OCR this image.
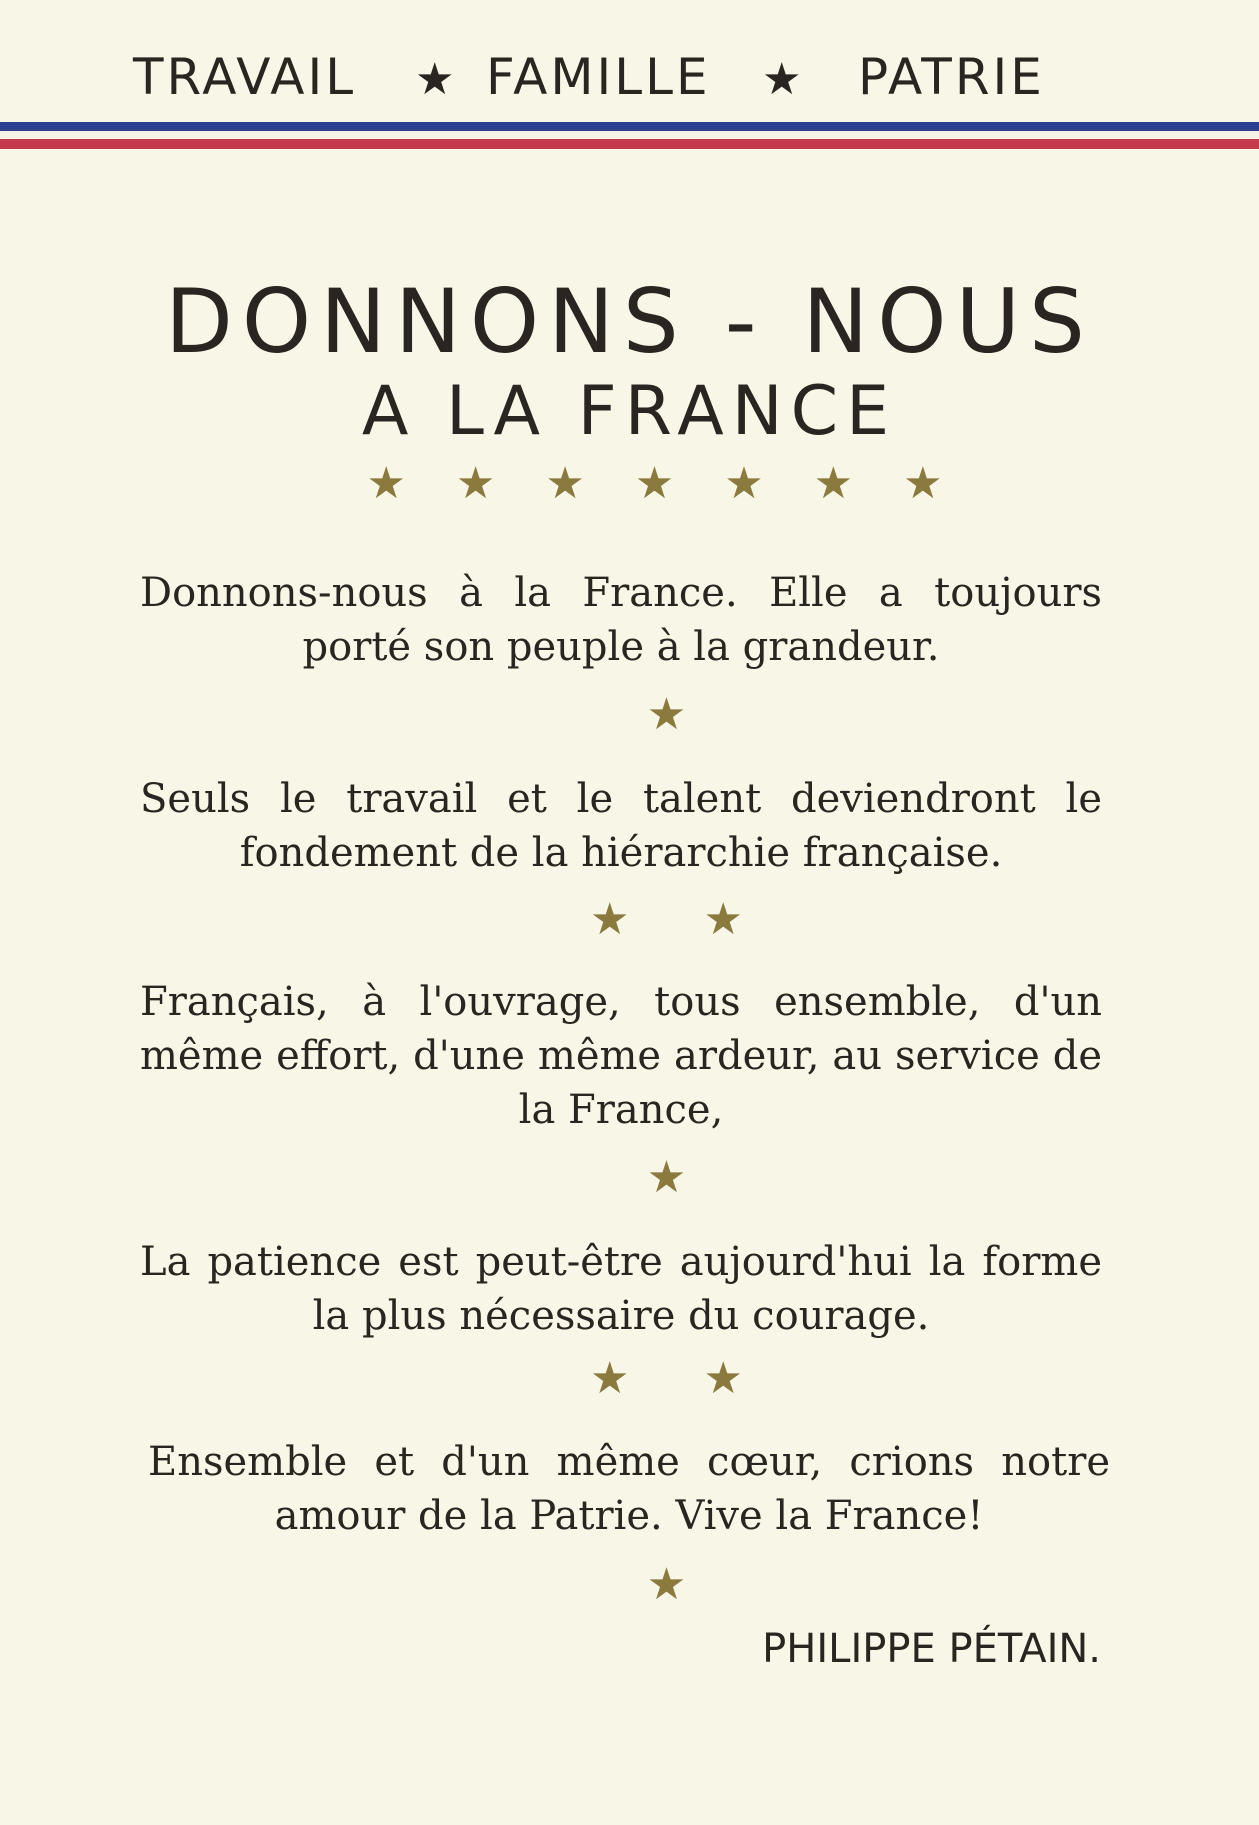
TRAVAIL ★ FAMILLE ★ PATRIE
DONNONS - NOUS
A LA FRANCE
★★★★★★★
Donnons-nous à la France. Elle a toujours porté son peuple à la grandeur.
★
Seuls le travail et le talent deviendront le fondement de la hiérarchie française.
★★
Français, à l'ouvrage, tous ensemble, d'un même effort, d'une même ardeur, au service de la France,
★
La patience est peut-être aujourd'hui la forme la plus nécessaire du courage.
★★
Ensemble et d'un même cœur, crions notre amour de la Patrie. Vive la France!
★
PHILIPPE PÉTAIN.
